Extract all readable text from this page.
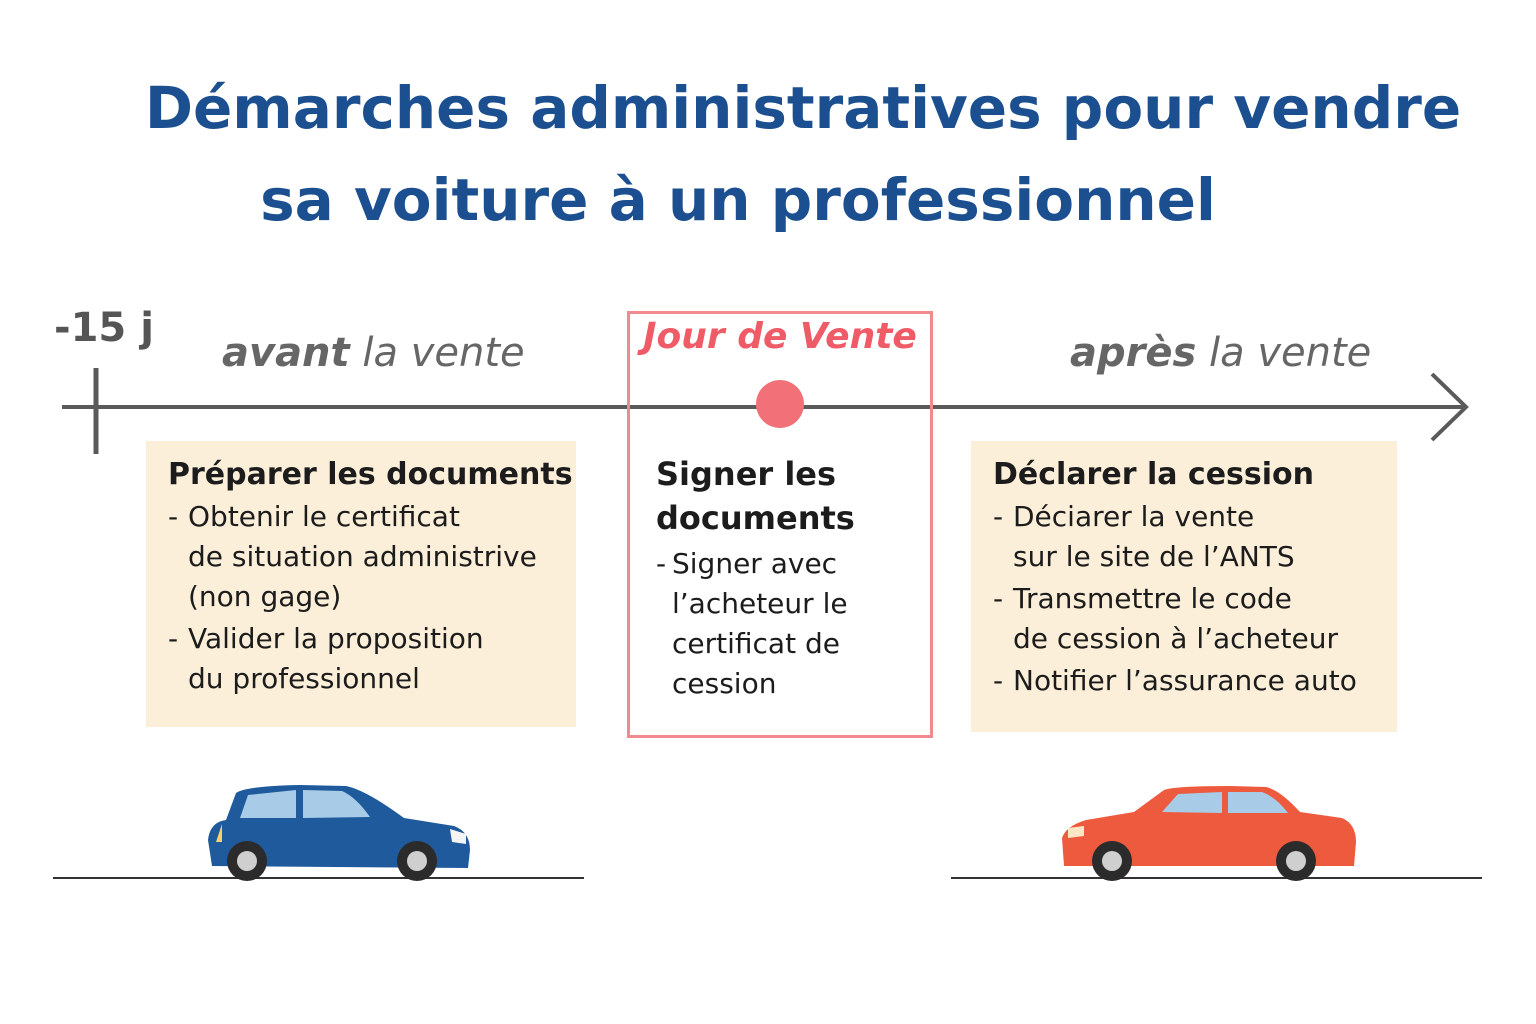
Démarches administratives pour vendre
sa voiture à un professionnel
-15 j
avant la vente	après la vente
Préparer les documents
- Obtenir le certificat
de situation administrive
(non gage)
- Valider la proposition
du professionnel
Jour de Vente
Signer les
documents
- Signer avec
l’acheteur le
certificat de
cession
Déclarer la cession
- Déciarer la vente
sur le site de l’ANTS
- Transmettre le code
de cession à l’acheteur
- Notifier l’assurance auto
